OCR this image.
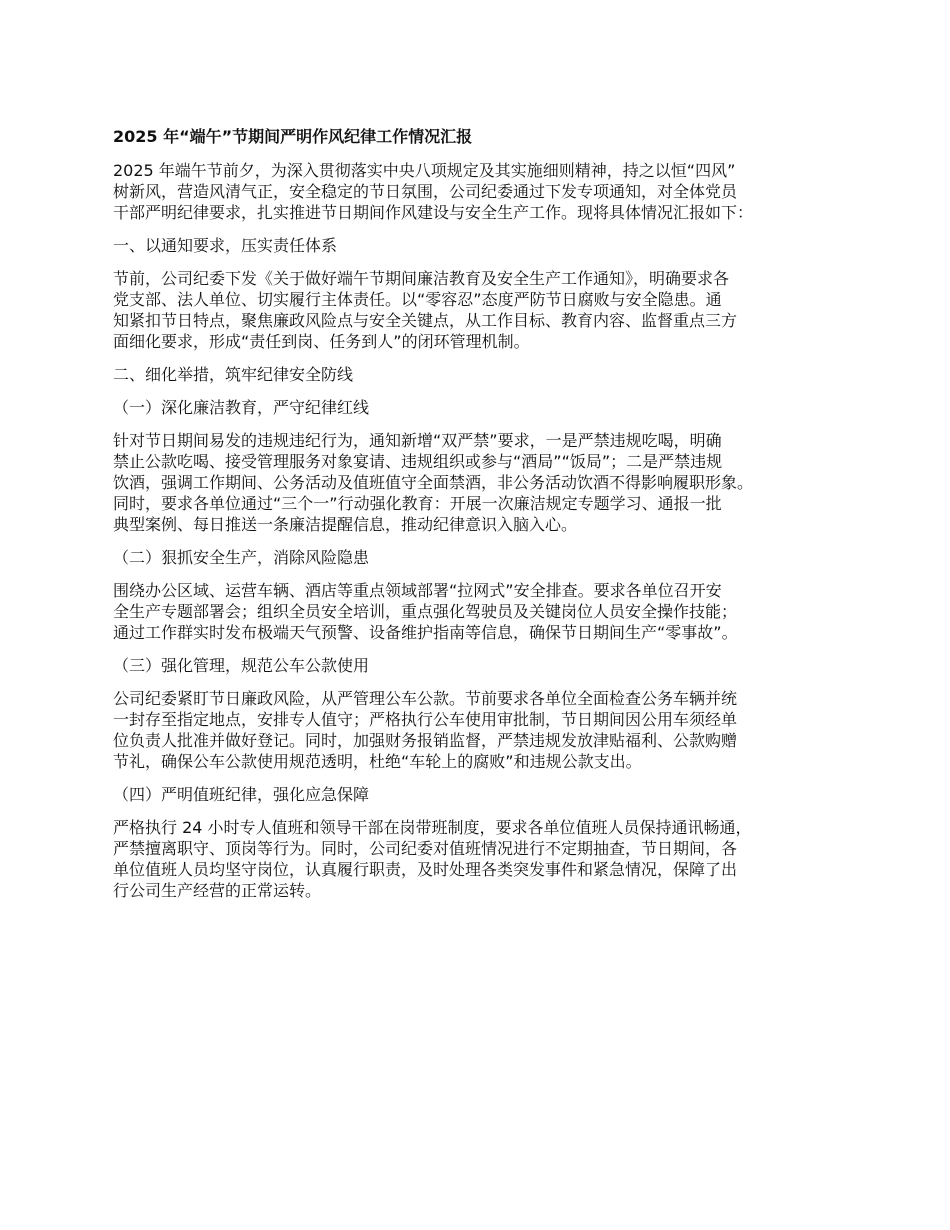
2025 年“端午”节期间严明作风纪律工作情况汇报
2025 年端午节前夕，为深入贯彻落实中央八项规定及其实施细则精神，持之以恒“四风”
树新风，营造风清气正，安全稳定的节日氛围，公司纪委通过下发专项通知，对全体党员
干部严明纪律要求，扎实推进节日期间作风建设与安全生产工作。现将具体情况汇报如下：
一、以通知要求，压实责任体系
节前，公司纪委下发《关于做好端午节期间廉洁教育及安全生产工作通知》，明确要求各
党支部、法人单位、切实履行主体责任。以“零容忍”态度严防节日腐败与安全隐患。通
知紧扣节日特点，聚焦廉政风险点与安全关键点，从工作目标、教育内容、监督重点三方
面细化要求，形成“责任到岗、任务到人”的闭环管理机制。
二、细化举措，筑牢纪律安全防线
（一）深化廉洁教育，严守纪律红线
针对节日期间易发的违规违纪行为，通知新增“双严禁”要求，一是严禁违规吃喝，明确
禁止公款吃喝、接受管理服务对象宴请、违规组织或参与“酒局”“饭局”；二是严禁违规
饮酒，强调工作期间、公务活动及值班值守全面禁酒，非公务活动饮酒不得影响履职形象。
同时，要求各单位通过“三个一”行动强化教育：开展一次廉洁规定专题学习、通报一批
典型案例、每日推送一条廉洁提醒信息，推动纪律意识入脑入心。
（二）狠抓安全生产，消除风险隐患
围绕办公区域、运营车辆、酒店等重点领域部署“拉网式”安全排查。要求各单位召开安
全生产专题部署会；组织全员安全培训，重点强化驾驶员及关键岗位人员安全操作技能；
通过工作群实时发布极端天气预警、设备维护指南等信息，确保节日期间生产“零事故”。
（三）强化管理，规范公车公款使用
公司纪委紧盯节日廉政风险，从严管理公车公款。节前要求各单位全面检查公务车辆并统
一封存至指定地点，安排专人值守；严格执行公车使用审批制，节日期间因公用车须经单
位负责人批准并做好登记。同时，加强财务报销监督，严禁违规发放津贴福利、公款购赠
节礼，确保公车公款使用规范透明，杜绝“车轮上的腐败”和违规公款支出。
（四）严明值班纪律，强化应急保障
严格执行 24 小时专人值班和领导干部在岗带班制度，要求各单位值班人员保持通讯畅通，
严禁擅离职守、顶岗等行为。同时，公司纪委对值班情况进行不定期抽查，节日期间，各
单位值班人员均坚守岗位，认真履行职责，及时处理各类突发事件和紧急情况，保障了出
行公司生产经营的正常运转。
